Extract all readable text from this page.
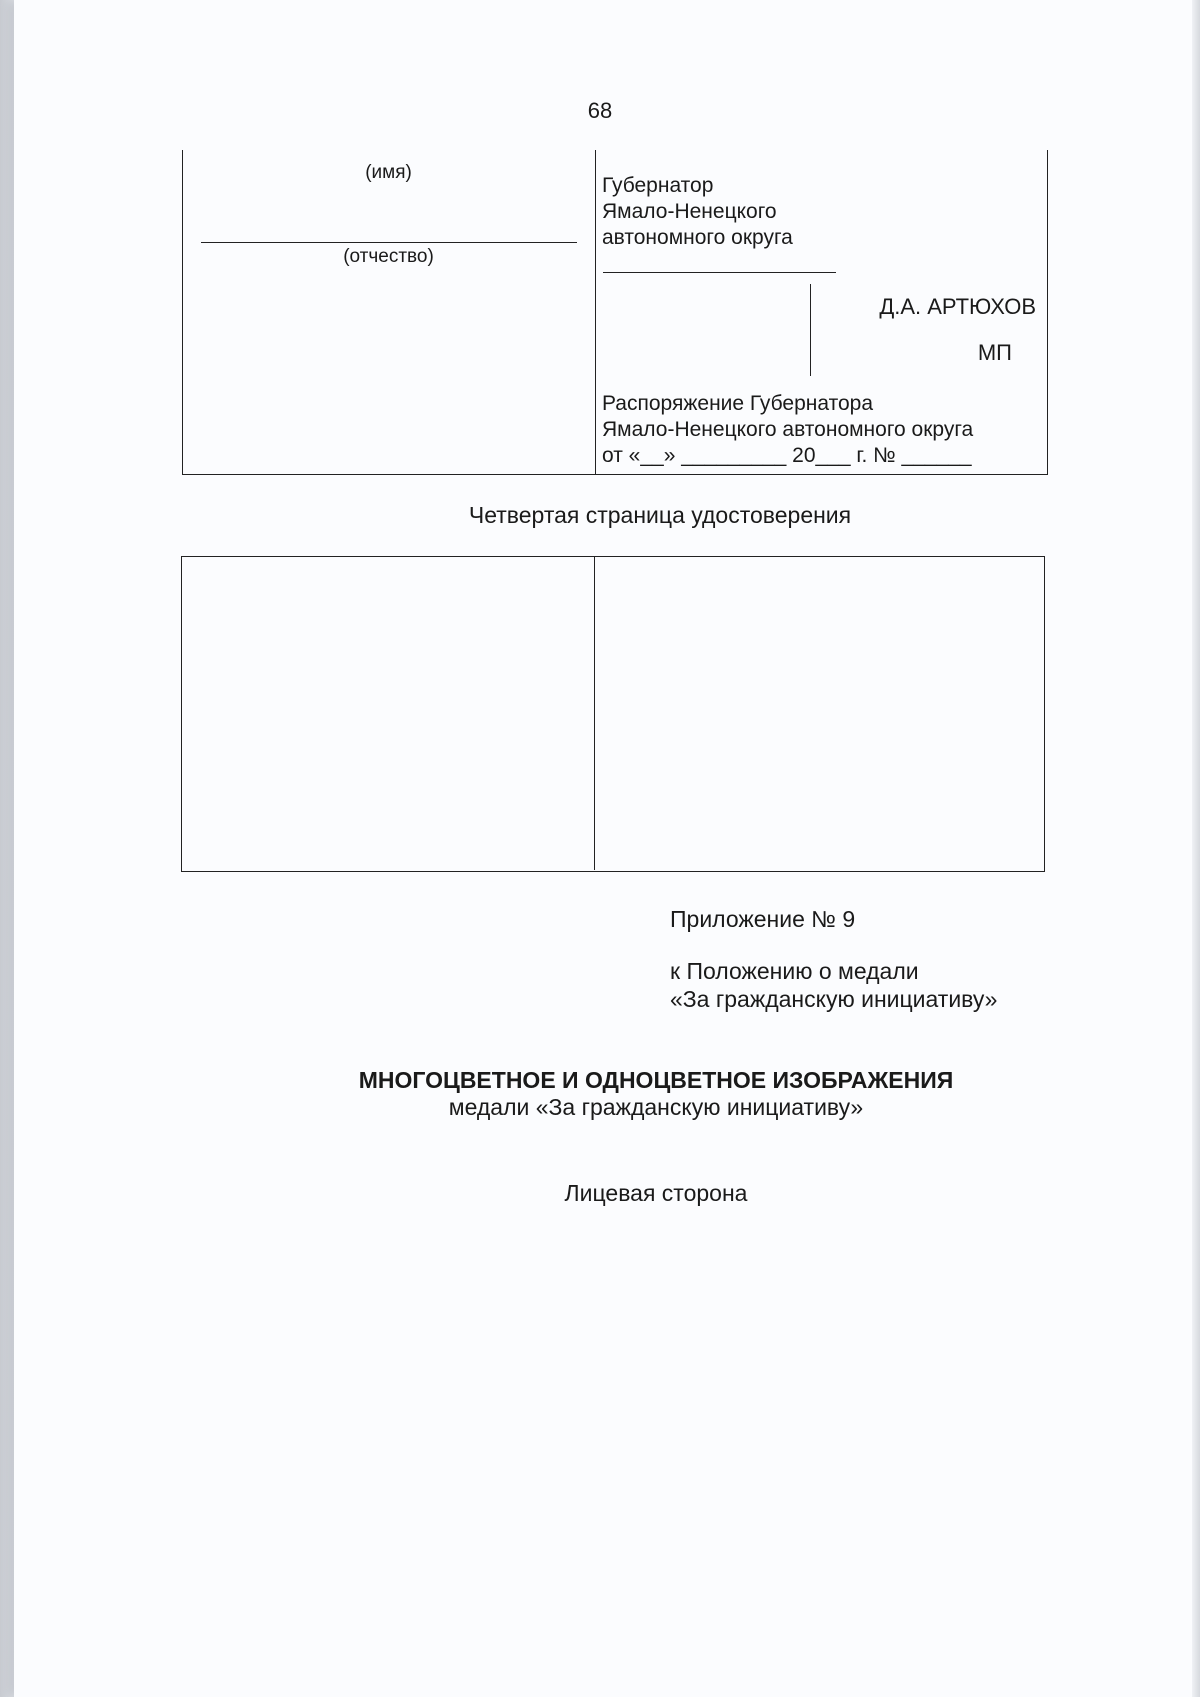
68
(имя)
(отчество)
Губернатор
Ямало-Ненецкого
автономного округа
Д.А. АРТЮХОВ
МП
Распоряжение Губернатора
Ямало-Ненецкого автономного округа
от «__» _________ 20___ г. № ______
Четвертая страница удостоверения
Приложение № 9
к Положению о медали
«За гражданскую инициативу»
МНОГОЦВЕТНОЕ И ОДНОЦВЕТНОЕ ИЗОБРАЖЕНИЯ
медали «За гражданскую инициативу»
Лицевая сторона
